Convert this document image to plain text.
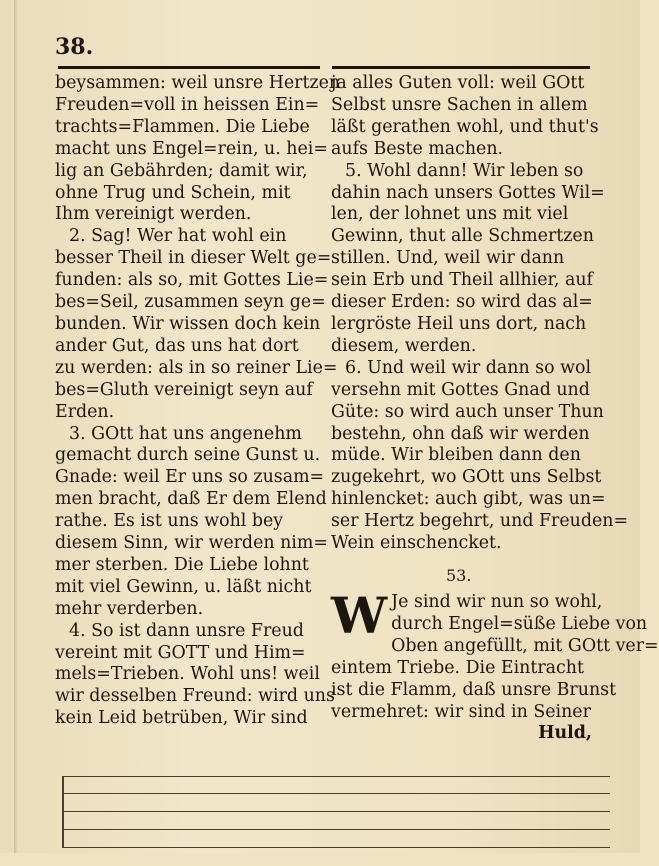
38.
beysammen: weil unsre Hertzen
Freuden=voll in heissen Ein=
trachts=Flammen. Die Liebe
macht uns Engel=rein, u. hei=
lig an Gebährden; damit wir,
ohne Trug und Schein, mit
Ihm vereinigt werden.
2. Sag! Wer hat wohl ein
besser Theil in dieser Welt ge=
funden: als so, mit Gottes Lie=
bes=Seil, zusammen seyn ge=
bunden. Wir wissen doch kein
ander Gut, das uns hat dort
zu werden: als in so reiner Lie=
bes=Gluth vereinigt seyn auf
Erden.
3. GOtt hat uns angenehm
gemacht durch seine Gunst u.
Gnade: weil Er uns so zusam=
men bracht, daß Er dem Elend
rathe. Es ist uns wohl bey
diesem Sinn, wir werden nim=
mer sterben. Die Liebe lohnt
mit viel Gewinn, u. läßt nicht
mehr verderben.
4. So ist dann unsre Freud
vereint mit GOTT und Him=
mels=Trieben. Wohl uns! weil
wir desselben Freund: wird uns
kein Leid betrüben, Wir sind
ja alles Guten voll: weil GOtt
Selbst unsre Sachen in allem
läßt gerathen wohl, und thut's
aufs Beste machen.
5. Wohl dann! Wir leben so
dahin nach unsers Gottes Wil=
len, der lohnet uns mit viel
Gewinn, thut alle Schmertzen
stillen. Und, weil wir dann
sein Erb und Theil allhier, auf
dieser Erden: so wird das al=
lergröste Heil uns dort, nach
diesem, werden.
6. Und weil wir dann so wol
versehn mit Gottes Gnad und
Güte: so wird auch unser Thun
bestehn, ohn daß wir werden
müde. Wir bleiben dann den
zugekehrt, wo GOtt uns Selbst
hinlencket: auch gibt, was un=
ser Hertz begehrt, und Freuden=
Wein einschencket.
53.
W Je sind wir nun so wohl,
durch Engel=süße Liebe von
Oben angefüllt, mit GOtt ver=
eintem Triebe. Die Eintracht
ist die Flamm, daß unsre Brunst
vermehret: wir sind in Seiner
Huld,
